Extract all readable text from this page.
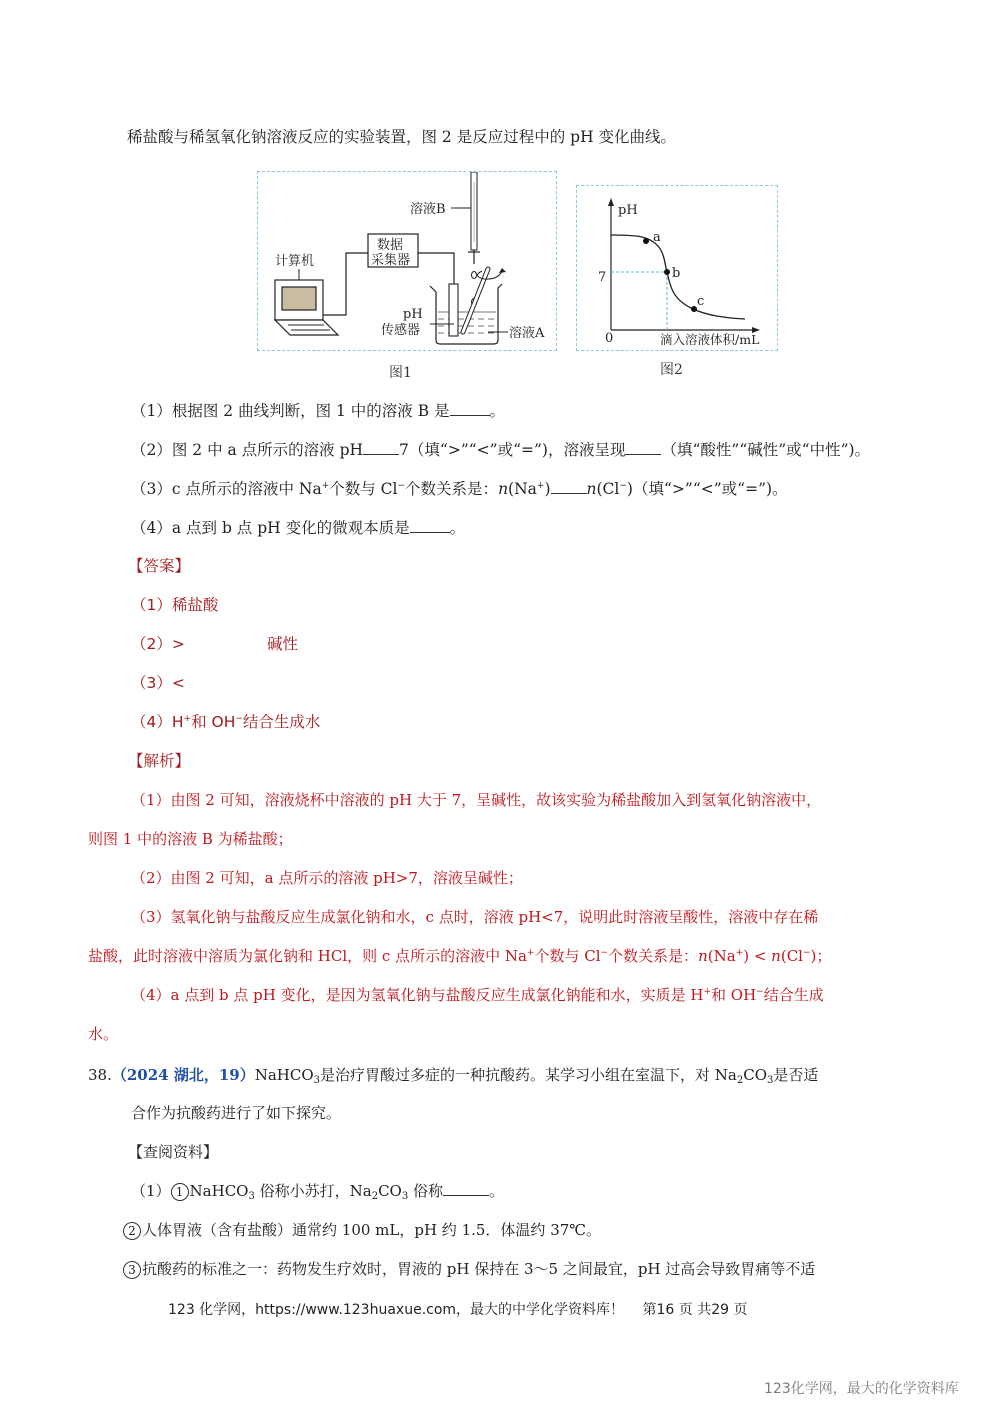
稀盐酸与稀氢氧化钠溶液反应的实验装置，图 2 是反应过程中的 pH 变化曲线。
计算机
数据
采集器
溶液B
pH
传感器	溶液A
图1
pH
0
7
a
b
c
滴入溶液体积/mL
图2
（1）根据图 2 曲线判断，图 1 中的溶液 B 是	。
（2）图 2 中 a 点所示的溶液 pH 7（填“>”“<”或“=”)，溶液呈现 （填“酸性”“碱性”或“中性”)。
（3）c 点所示的溶液中 Na+个数与 Cl−个数关系是：n(Na+) n(Cl−)（填“>”“<”或“=”)。
（4）a 点到 b 点 pH 变化的微观本质是	。
【答案】
（1）稀盐酸
（2）>	碱性
（3）<
（4）H+和 OH−结合生成水
【解析】
（1）由图 2 可知，溶液烧杯中溶液的 pH 大于 7，呈碱性，故该实验为稀盐酸加入到氢氧化钠溶液中，
则图 1 中的溶液 B 为稀盐酸；
（2）由图 2 可知，a 点所示的溶液 pH>7，溶液呈碱性；
（3）氢氧化钠与盐酸反应生成氯化钠和水，c 点时，溶液 pH<7，说明此时溶液呈酸性，溶液中存在稀
盐酸，此时溶液中溶质为氯化钠和 HCl，则 c 点所示的溶液中 Na+个数与 Cl−个数关系是：n(Na+) < n(Cl−)；
（4）a 点到 b 点 pH 变化，是因为氢氧化钠与盐酸反应生成氯化钠能和水，实质是 H+和 OH−结合生成
水。
38.（2024 湖北，19）NaHCO$_3$是治疗胃酸过多症的一种抗酸药。某学习小组在室温下，对 $Na_2CO_3$是否适
合作为抗酸药进行了如下探究。
【查阅资料】
（1） 1 NaHCO$_3$ 俗称小苏打，$Na_2CO_3$ 俗称	。
2 人体胃液（含有盐酸）通常约 100 mL，pH 约 1.5．体温约 37℃。
3 抗酸药的标准之一：药物发生疗效时，胃液的 pH 保持在 3～5 之间最宜，pH 过高会导致胃痛等不适
123 化学网，https://www.123huaxue.com，最大的中学化学资料库！ 第16 页 共29 页
123化学网，最大的化学资料库
